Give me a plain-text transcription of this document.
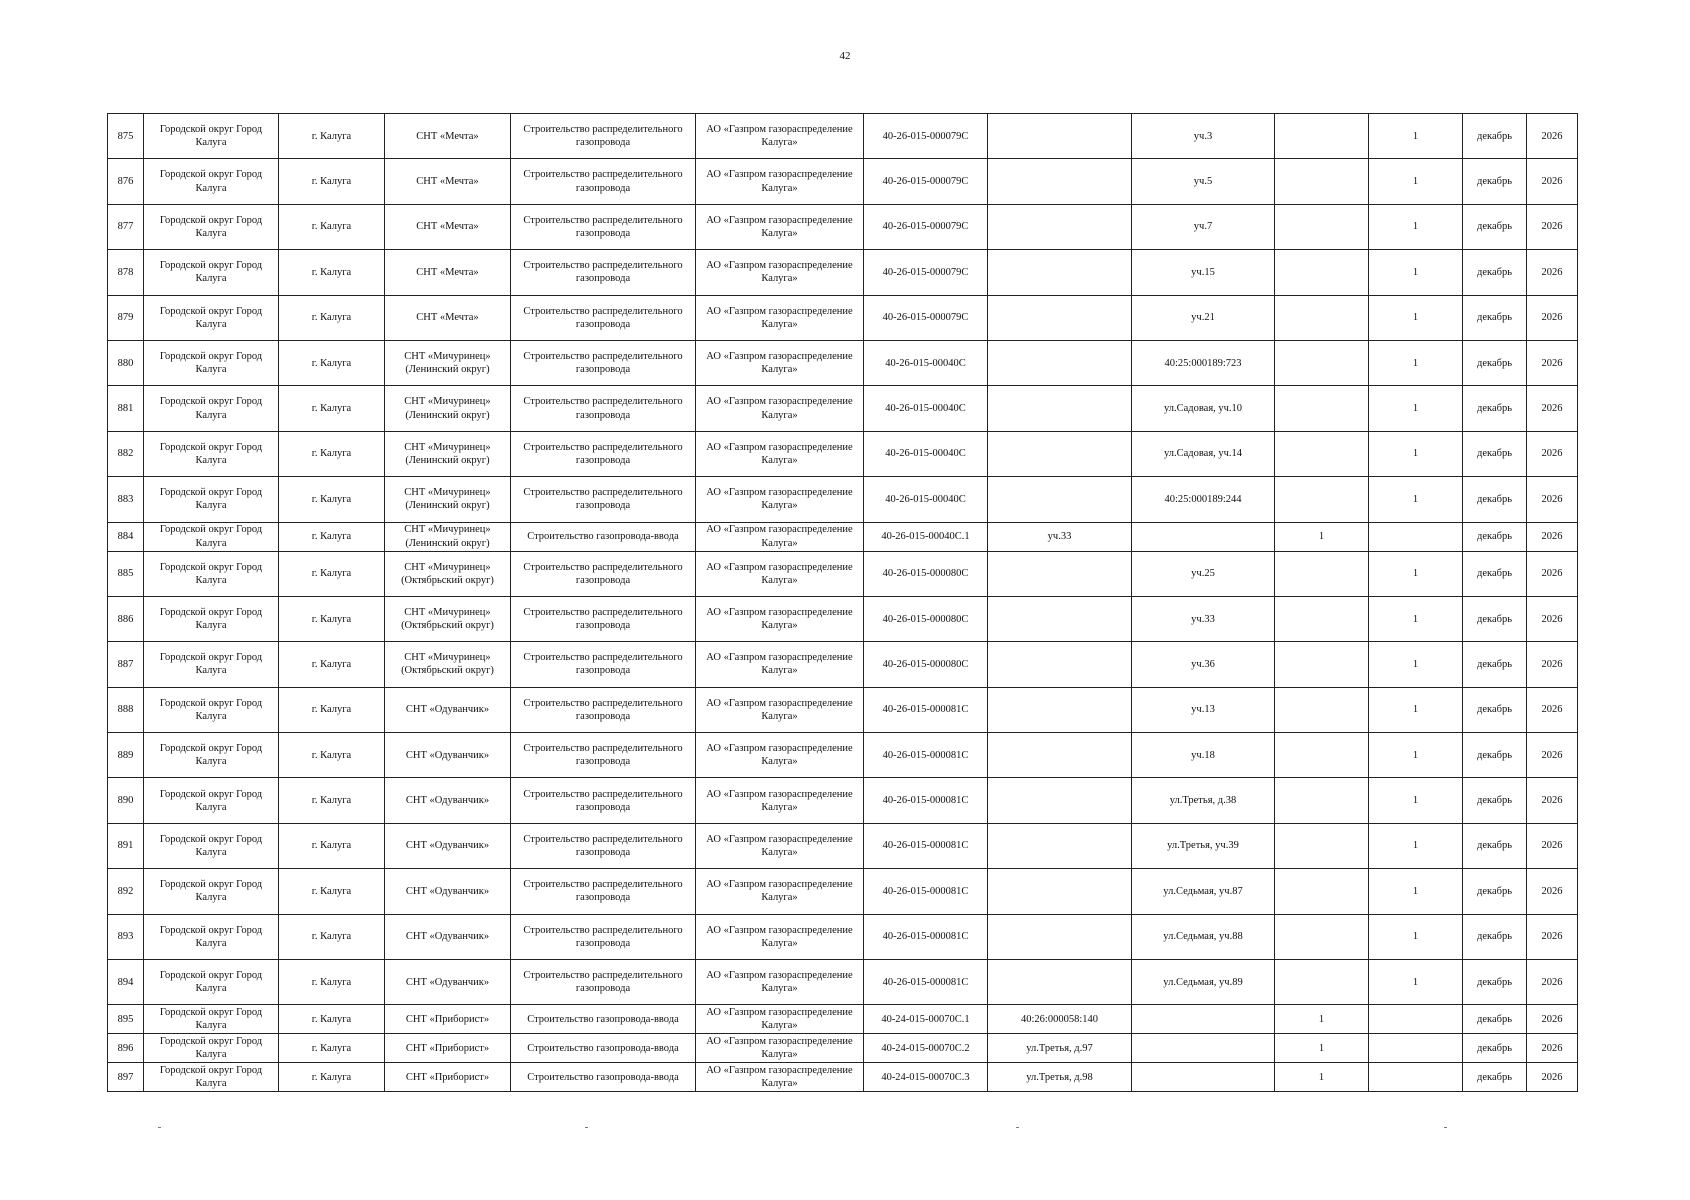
42
875	Городской округ Город Калуга	г. Калуга	СНТ «Мечта»	Строительство распределительного газопровода	АО «Газпром газораспределение Калуга»	40-26-015-000079С		уч.3		1	декабрь	2026
876	Городской округ Город Калуга	г. Калуга	СНТ «Мечта»	Строительство распределительного газопровода	АО «Газпром газораспределение Калуга»	40-26-015-000079С		уч.5		1	декабрь	2026
877	Городской округ Город Калуга	г. Калуга	СНТ «Мечта»	Строительство распределительного газопровода	АО «Газпром газораспределение Калуга»	40-26-015-000079С		уч.7		1	декабрь	2026
878	Городской округ Город Калуга	г. Калуга	СНТ «Мечта»	Строительство распределительного газопровода	АО «Газпром газораспределение Калуга»	40-26-015-000079С		уч.15		1	декабрь	2026
879	Городской округ Город Калуга	г. Калуга	СНТ «Мечта»	Строительство распределительного газопровода	АО «Газпром газораспределение Калуга»	40-26-015-000079С		уч.21		1	декабрь	2026
880	Городской округ Город Калуга	г. Калуга	СНТ «Мичуринец» (Ленинский округ)	Строительство распределительного газопровода	АО «Газпром газораспределение Калуга»	40-26-015-00040С		40:25:000189:723		1	декабрь	2026
881	Городской округ Город Калуга	г. Калуга	СНТ «Мичуринец» (Ленинский округ)	Строительство распределительного газопровода	АО «Газпром газораспределение Калуга»	40-26-015-00040С		ул.Садовая, уч.10		1	декабрь	2026
882	Городской округ Город Калуга	г. Калуга	СНТ «Мичуринец» (Ленинский округ)	Строительство распределительного газопровода	АО «Газпром газораспределение Калуга»	40-26-015-00040С		ул.Садовая, уч.14		1	декабрь	2026
883	Городской округ Город Калуга	г. Калуга	СНТ «Мичуринец» (Ленинский округ)	Строительство распределительного газопровода	АО «Газпром газораспределение Калуга»	40-26-015-00040С		40:25:000189:244		1	декабрь	2026
884	Городской округ Город Калуга	г. Калуга	СНТ «Мичуринец» (Ленинский округ)	Строительство газопровода-ввода	АО «Газпром газораспределение Калуга»	40-26-015-00040С.1	уч.33		1		декабрь	2026
885	Городской округ Город Калуга	г. Калуга	СНТ «Мичуринец» (Октябрьский округ)	Строительство распределительного газопровода	АО «Газпром газораспределение Калуга»	40-26-015-000080С		уч.25		1	декабрь	2026
886	Городской округ Город Калуга	г. Калуга	СНТ «Мичуринец» (Октябрьский округ)	Строительство распределительного газопровода	АО «Газпром газораспределение Калуга»	40-26-015-000080С		уч.33		1	декабрь	2026
887	Городской округ Город Калуга	г. Калуга	СНТ «Мичуринец» (Октябрьский округ)	Строительство распределительного газопровода	АО «Газпром газораспределение Калуга»	40-26-015-000080С		уч.36		1	декабрь	2026
888	Городской округ Город Калуга	г. Калуга	СНТ «Одуванчик»	Строительство распределительного газопровода	АО «Газпром газораспределение Калуга»	40-26-015-000081С		уч.13		1	декабрь	2026
889	Городской округ Город Калуга	г. Калуга	СНТ «Одуванчик»	Строительство распределительного газопровода	АО «Газпром газораспределение Калуга»	40-26-015-000081С		уч.18		1	декабрь	2026
890	Городской округ Город Калуга	г. Калуга	СНТ «Одуванчик»	Строительство распределительного газопровода	АО «Газпром газораспределение Калуга»	40-26-015-000081С		ул.Третья, д.38		1	декабрь	2026
891	Городской округ Город Калуга	г. Калуга	СНТ «Одуванчик»	Строительство распределительного газопровода	АО «Газпром газораспределение Калуга»	40-26-015-000081С		ул.Третья, уч.39		1	декабрь	2026
892	Городской округ Город Калуга	г. Калуга	СНТ «Одуванчик»	Строительство распределительного газопровода	АО «Газпром газораспределение Калуга»	40-26-015-000081С		ул.Седьмая, уч.87		1	декабрь	2026
893	Городской округ Город Калуга	г. Калуга	СНТ «Одуванчик»	Строительство распределительного газопровода	АО «Газпром газораспределение Калуга»	40-26-015-000081С		ул.Седьмая, уч.88		1	декабрь	2026
894	Городской округ Город Калуга	г. Калуга	СНТ «Одуванчик»	Строительство распределительного газопровода	АО «Газпром газораспределение Калуга»	40-26-015-000081С		ул.Седьмая, уч.89		1	декабрь	2026
895	Городской округ Город Калуга	г. Калуга	СНТ «Приборист»	Строительство газопровода-ввода	АО «Газпром газораспределение Калуга»	40-24-015-00070С.1	40:26:000058:140		1		декабрь	2026
896	Городской округ Город Калуга	г. Калуга	СНТ «Приборист»	Строительство газопровода-ввода	АО «Газпром газораспределение Калуга»	40-24-015-00070С.2	ул.Третья, д.97		1		декабрь	2026
897	Городской округ Город Калуга	г. Калуга	СНТ «Приборист»	Строительство газопровода-ввода	АО «Газпром газораспределение Калуга»	40-24-015-00070С.3	ул.Третья, д.98		1		декабрь	2026
